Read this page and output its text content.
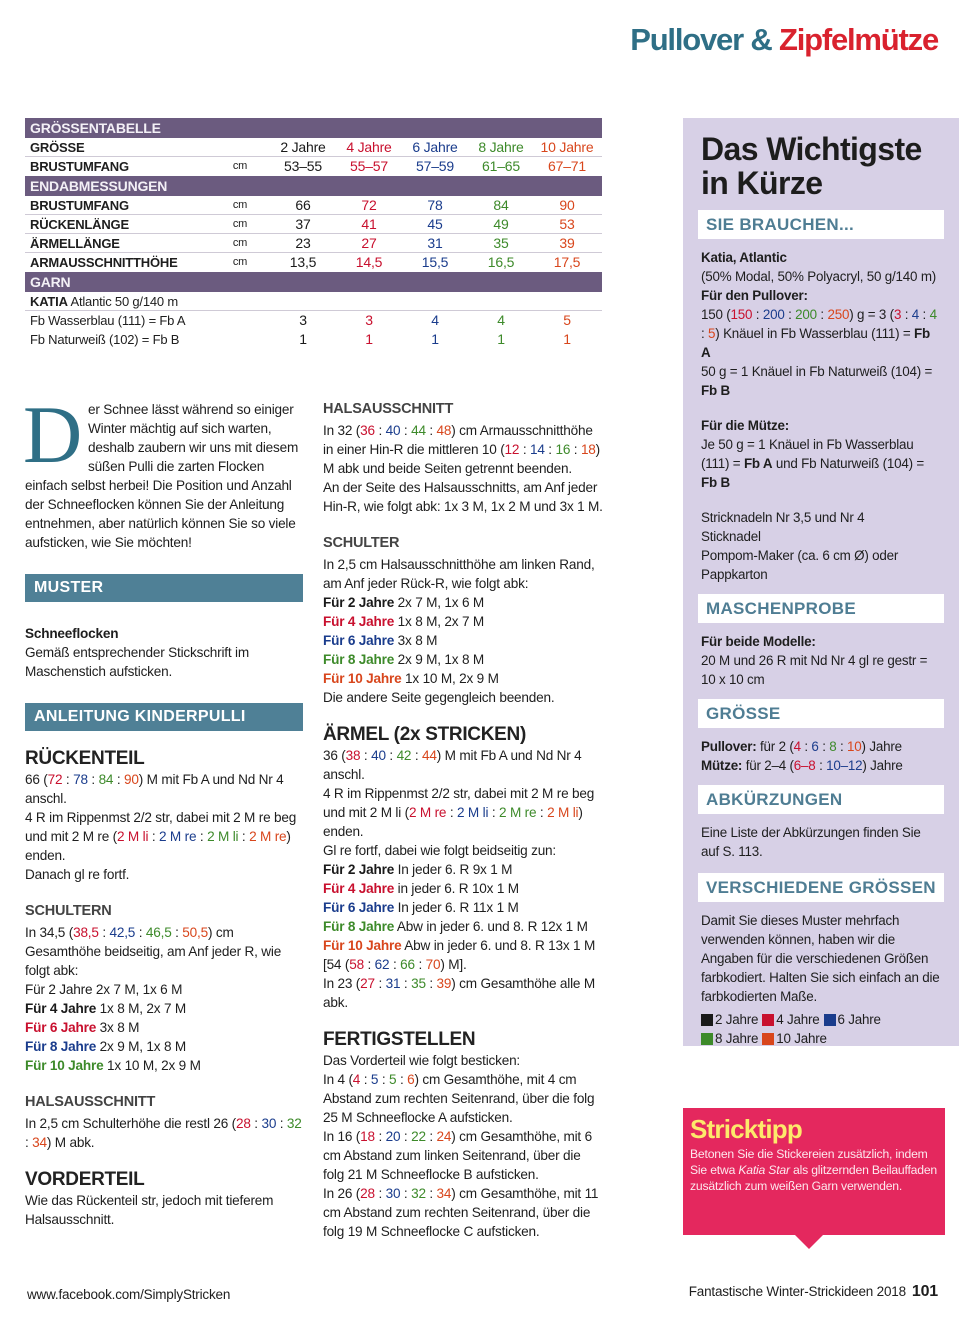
Pullover & Zipfelmütze
GRÖSSENTABELLE
GRÖSSE	2 Jahre	4 Jahre	6 Jahre	8 Jahre	10 Jahre
BRUSTUMFANG	cm	53–55	55–57	57–59	61–65	67–71
ENDABMESSUNGEN
BRUSTUMFANG	cm	66	72	78	84	90
RÜCKENLÄNGE	cm	37	41	45	49	53
ÄRMELLÄNGE	cm	23	27	31	35	39
ARMAUSSCHNITTHÖHE	cm	13,5	14,5	15,5	16,5	17,5
GARN
KATIA Atlantic 50 g/140 m
Fb Wasserblau (111) = Fb A	3	3	4	4	5
Fb Naturweiß (102) = Fb B	1	1	1	1	1
D er Schnee lässt während so einiger Winter mächtig auf sich warten, deshalb zaubern wir uns mit diesem süßen Pulli die zarten Flocken einfach selbst herbei! Die Position und Anzahl der Schneeflocken können Sie der Anleitung entnehmen, aber natürlich können Sie so viele aufsticken, wie Sie möchten!

MUSTER

Schneeflocken

Gemäß entsprechender Stickschrift im Maschenstich aufsticken.

ANLEITUNG KINDERPULLI
RÜCKENTEIL

66 (72 : 78 : 84 : 90) M mit Fb A und Nd Nr 4 anschl.

4 R im Rippenmst 2/2 str, dabei mit 2 M re beg und mit 2 M re (2 M li : 2 M re : 2 M li : 2 M re) enden.

Danach gl re fortf.

SCHULTERN

In 34,5 (38,5 : 42,5 : 46,5 : 50,5) cm Gesamthöhe beidseitig, am Anf jeder R, wie folgt abk:

Für 2 Jahre 2x 7 M, 1x 6 M

Für 4 Jahre 1x 8 M, 2x 7 M

Für 6 Jahre 3x 8 M

Für 8 Jahre 2x 9 M, 1x 8 M

Für 10 Jahre 1x 10 M, 2x 9 M

HALSAUSSCHNITT

In 2,5 cm Schulterhöhe die restl 26 (28 : 30 : 32 : 34) M abk.

VORDERTEIL

Wie das Rückenteil str, jedoch mit tieferem Halsausschnitt.

HALSAUSSCHNITT

In 32 (36 : 40 : 44 : 48) cm Armausschnitthöhe in einer Hin-R die mittleren 10 (12 : 14 : 16 : 18) M abk und beide Seiten getrennt beenden.

An der Seite des Halsausschnitts, am Anf jeder Hin-R, wie folgt abk: 1x 3 M, 1x 2 M und 3x 1 M.

SCHULTER

In 2,5 cm Halsausschnitthöhe am linken Rand, am Anf jeder Rück-R, wie folgt abk:

Für 2 Jahre 2x 7 M, 1x 6 M

Für 4 Jahre 1x 8 M, 2x 7 M

Für 6 Jahre 3x 8 M

Für 8 Jahre 2x 9 M, 1x 8 M

Für 10 Jahre 1x 10 M, 2x 9 M

Die andere Seite gegengleich beenden.

ÄRMEL (2x STRICKEN)

36 (38 : 40 : 42 : 44) M mit Fb A und Nd Nr 4 anschl.

4 R im Rippenmst 2/2 str, dabei mit 2 M re beg und mit 2 M li (2 M re : 2 M li : 2 M re : 2 M li) enden.

Gl re fortf, dabei wie folgt beidseitig zun:

Für 2 Jahre In jeder 6. R 9x 1 M

Für 4 Jahre in jeder 6. R 10x 1 M

Für 6 Jahre In jeder 6. R 11x 1 M

Für 8 Jahre Abw in jeder 6. und 8. R 12x 1 M

Für 10 Jahre Abw in jeder 6. und 8. R 13x 1 M

[54 (58 : 62 : 66 : 70) M].

In 23 (27 : 31 : 35 : 39) cm Gesamthöhe alle M abk.

FERTIGSTELLEN

Das Vorderteil wie folgt besticken:

In 4 (4 : 5 : 5 : 6) cm Gesamthöhe, mit 4 cm Abstand zum rechten Seitenrand, über die folg 25 M Schneeflocke A aufsticken.

In 16 (18 : 20 : 22 : 24) cm Gesamthöhe, mit 6 cm Abstand zum linken Seitenrand, über die folg 21 M Schneeflocke B aufsticken.

In 26 (28 : 30 : 32 : 34) cm Gesamthöhe, mit 11 cm Abstand zum rechten Seitenrand, über die folg 19 M Schneeflocke C aufsticken.

Das Wichtigste
in Kürze
SIE BRAUCHEN...

Katia, Atlantic

(50% Modal, 50% Polyacryl, 50 g/140 m)

Für den Pullover:

150 (150 : 200 : 200 : 250) g = 3 (3 : 4 : 4 : 5) Knäuel in Fb Wasserblau (111) = Fb A

50 g = 1 Knäuel in Fb Naturweiß (104) = Fb B

Für die Mütze:

Je 50 g = 1 Knäuel in Fb Wasserblau (111) = Fb A und Fb Naturweiß (104) = Fb B

Stricknadeln Nr 3,5 und Nr 4

Sticknadel

Pompom-Maker (ca. 6 cm Ø) oder

Pappkarton

MASCHENPROBE

Für beide Modelle:

20 M und 26 R mit Nd Nr 4 gl re gestr = 10 x 10 cm

GRÖSSE

Pullover: für 2 (4 : 6 : 8 : 10) Jahre

Mütze: für 2–4 (6–8 : 10–12) Jahre

ABKÜRZUNGEN

Eine Liste der Abkürzungen finden Sie auf S. 113.

VERSCHIEDENE GRÖSSEN

Damit Sie dieses Muster mehrfach verwenden können, haben wir die Angaben für die verschiedenen Größen farbkodiert. Halten Sie sich einfach an die farbkodierten Maße.

2 Jahre 4 Jahre 6 Jahre
8 Jahre 10 Jahre
Stricktipp
Betonen Sie die Stickereien zusätzlich, indem Sie etwa Katia Star als glitzernden Beilauffaden zusätzlich zum weißen Garn verwenden.
www.facebook.com/SimplyStricken	Fantastische Winter-Strickideen 2018 101
